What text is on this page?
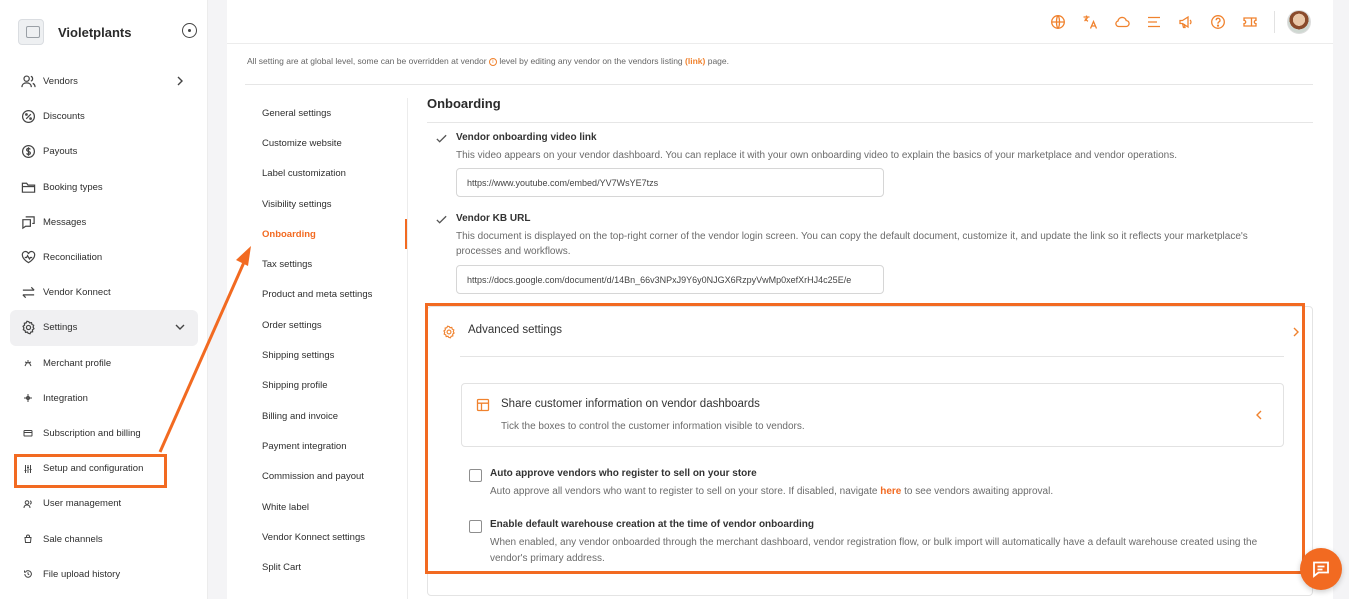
Violetplants
Vendors
Discounts
Payouts
Booking types
Messages
Reconciliation
Vendor Konnect
Settings
Merchant profile
Integration
Subscription and billing
Setup and configuration
User management
Sale channels
File upload history
All setting are at global level, some can be overridden at vendor i level by editing any vendor on the vendors listing (link) page.
General settings
Customize website
Label customization
Visibility settings
Onboarding
Tax settings
Product and meta settings
Order settings
Shipping settings
Shipping profile
Billing and invoice
Payment integration
Commission and payout
White label
Vendor Konnect settings
Split Cart
Onboarding
Vendor onboarding video link
This video appears on your vendor dashboard. You can replace it with your own onboarding video to explain the basics of your marketplace and vendor operations.
https://www.youtube.com/embed/YV7WsYE7tzs
Vendor KB URL
This document is displayed on the top-right corner of the vendor login screen. You can copy the default document, customize it, and update the link so it reflects your marketplace's processes and workflows.
https://docs.google.com/document/d/14Bn_66v3NPxJ9Y6y0NJGX6RzpyVwMp0xefXrHJ4c25E/e
Advanced settings
Share customer information on vendor dashboards
Tick the boxes to control the customer information visible to vendors.
Auto approve vendors who register to sell on your store
Auto approve all vendors who want to register to sell on your store. If disabled, navigate here to see vendors awaiting approval.
Enable default warehouse creation at the time of vendor onboarding
When enabled, any vendor onboarded through the merchant dashboard, vendor registration flow, or bulk import will automatically have a default warehouse created using the vendor's primary address.
